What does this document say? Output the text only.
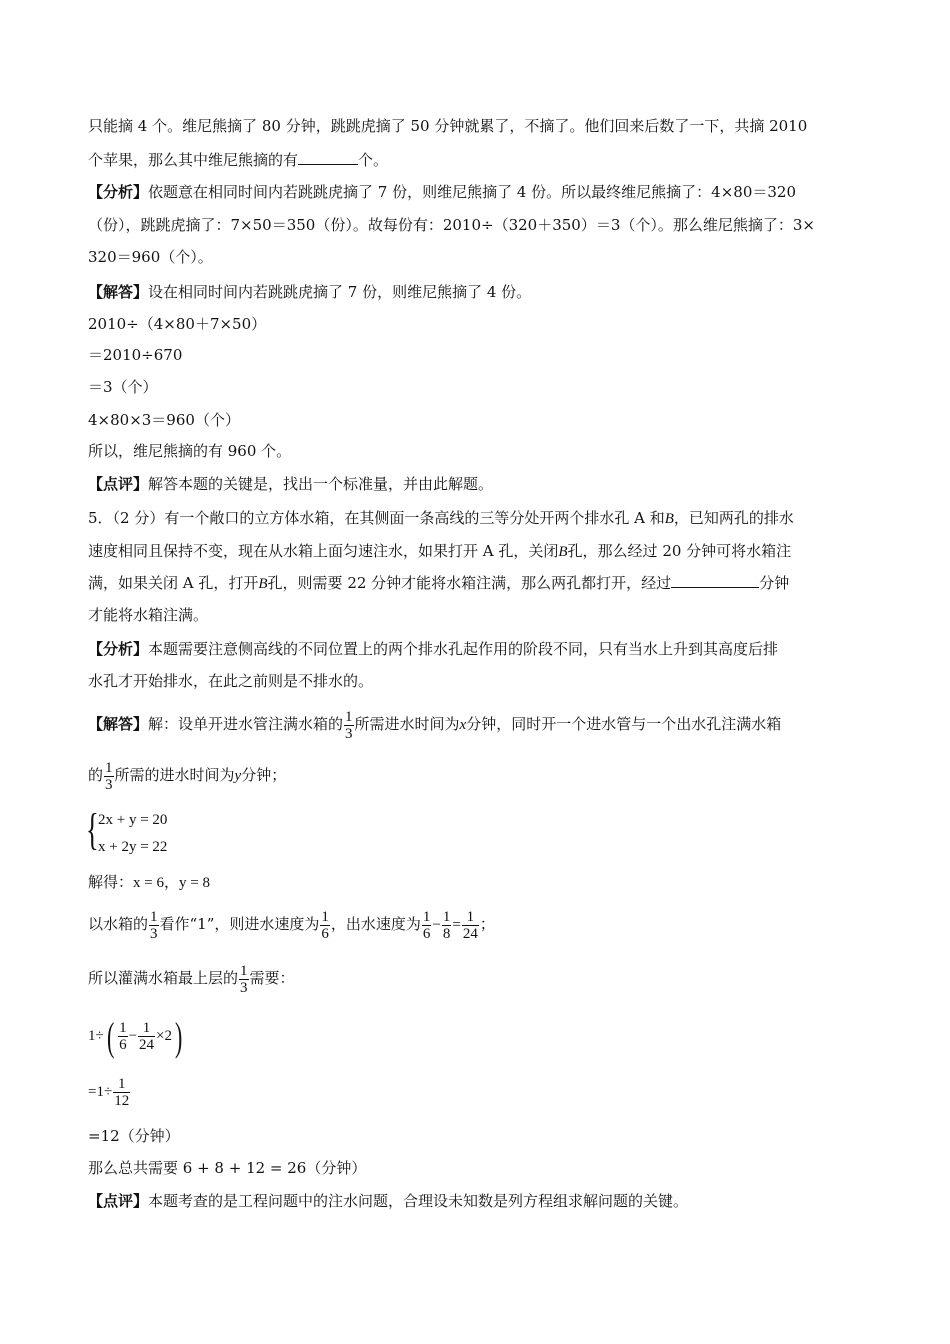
只能摘 4 个。维尼熊摘了 80 分钟，跳跳虎摘了 50 分钟就累了，不摘了。他们回来后数了一下，共摘 2010
个苹果，那么其中维尼熊摘的有	个。
【分析】依题意在相同时间内若跳跳虎摘了 7 份，则维尼熊摘了 4 份。所以最终维尼熊摘了：4×80＝320
（份），跳跳虎摘了：7×50＝350（份）。故每份有：2010÷（320＋350）＝3（个）。那么维尼熊摘了：3×
320＝960（个）。
【解答】设在相同时间内若跳跳虎摘了 7 份，则维尼熊摘了 4 份。
2010÷（4×80＋7×50）
＝2010÷670
＝3（个）
4×80×3＝960（个）
所以，维尼熊摘的有 960 个。
【点评】解答本题的关键是，找出一个标准量，并由此解题。
5．（2 分）有一个敞口的立方体水箱，在其侧面一条高线的三等分处开两个排水孔 A 和B，已知两孔的排水
速度相同且保持不变，现在从水箱上面匀速注水，如果打开 A 孔，关闭B孔，那么经过 20 分钟可将水箱注
满，如果关闭 A 孔，打开B孔，则需要 22 分钟才能将水箱注满，那么两孔都打开，经过	分钟
才能将水箱注满。
【分析】本题需要注意侧高线的不同位置上的两个排水孔起作用的阶段不同，只有当水上升到其高度后排
水孔才开始排水，在此之前则是不排水的。
【解答】解：设单开进水管注满水箱的 $\frac{1}{3}$ 所需进水时间为x分钟，同时开一个进水管与一个出水孔注满水箱
的 $\frac{1}{3}$ 所需的进水时间为y分钟；
{ 2x + y = 20
x + 2y = 22
解得：x = 6，y = 8
以水箱的 $\frac{1}{3}$ 看作“1”，则进水速度为 $\frac{1}{6}$ ，出水速度为 $\frac{1}{6} - \frac{1}{8} = \frac{1}{24}$ ；
所以灌满水箱最上层的 $\frac{1}{3}$ 需要：
$1\div( \frac{1}{6} - \frac{1}{24} \times 2)$
$=1\div \frac{1}{12}$
=12（分钟）
那么总共需要 6 + 8 + 12 = 26（分钟）
【点评】本题考查的是工程问题中的注水问题，合理设未知数是列方程组求解问题的关键。
